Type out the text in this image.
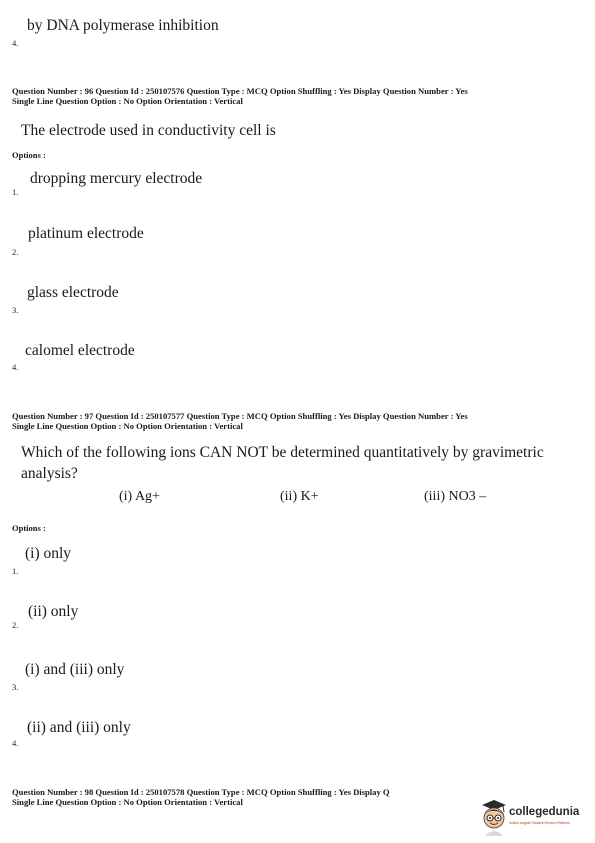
by DNA polymerase inhibition
4.
Question Number : 96 Question Id : 250107576 Question Type : MCQ Option Shuffling : Yes Display Question Number : Yes
Single Line Question Option : No Option Orientation : Vertical
The electrode used in conductivity cell is
Options :
dropping mercury electrode
1.
platinum electrode
2.
glass electrode
3.
calomel electrode
4.
Question Number : 97 Question Id : 250107577 Question Type : MCQ Option Shuffling : Yes Display Question Number : Yes
Single Line Question Option : No Option Orientation : Vertical
Which of the following ions CAN NOT be determined quantitatively by gravimetric analysis?
(i) Ag+	(ii) K+	(iii) NO3 –
Options :
(i) only
1.
(ii) only
2.
(i) and (iii) only
3.
(ii) and (iii) only
4.
Question Number : 98 Question Id : 250107578 Question Type : MCQ Option Shuffling : Yes Display Q
Single Line Question Option : No Option Orientation : Vertical
collegedunia
India's largest Student Review Platform
